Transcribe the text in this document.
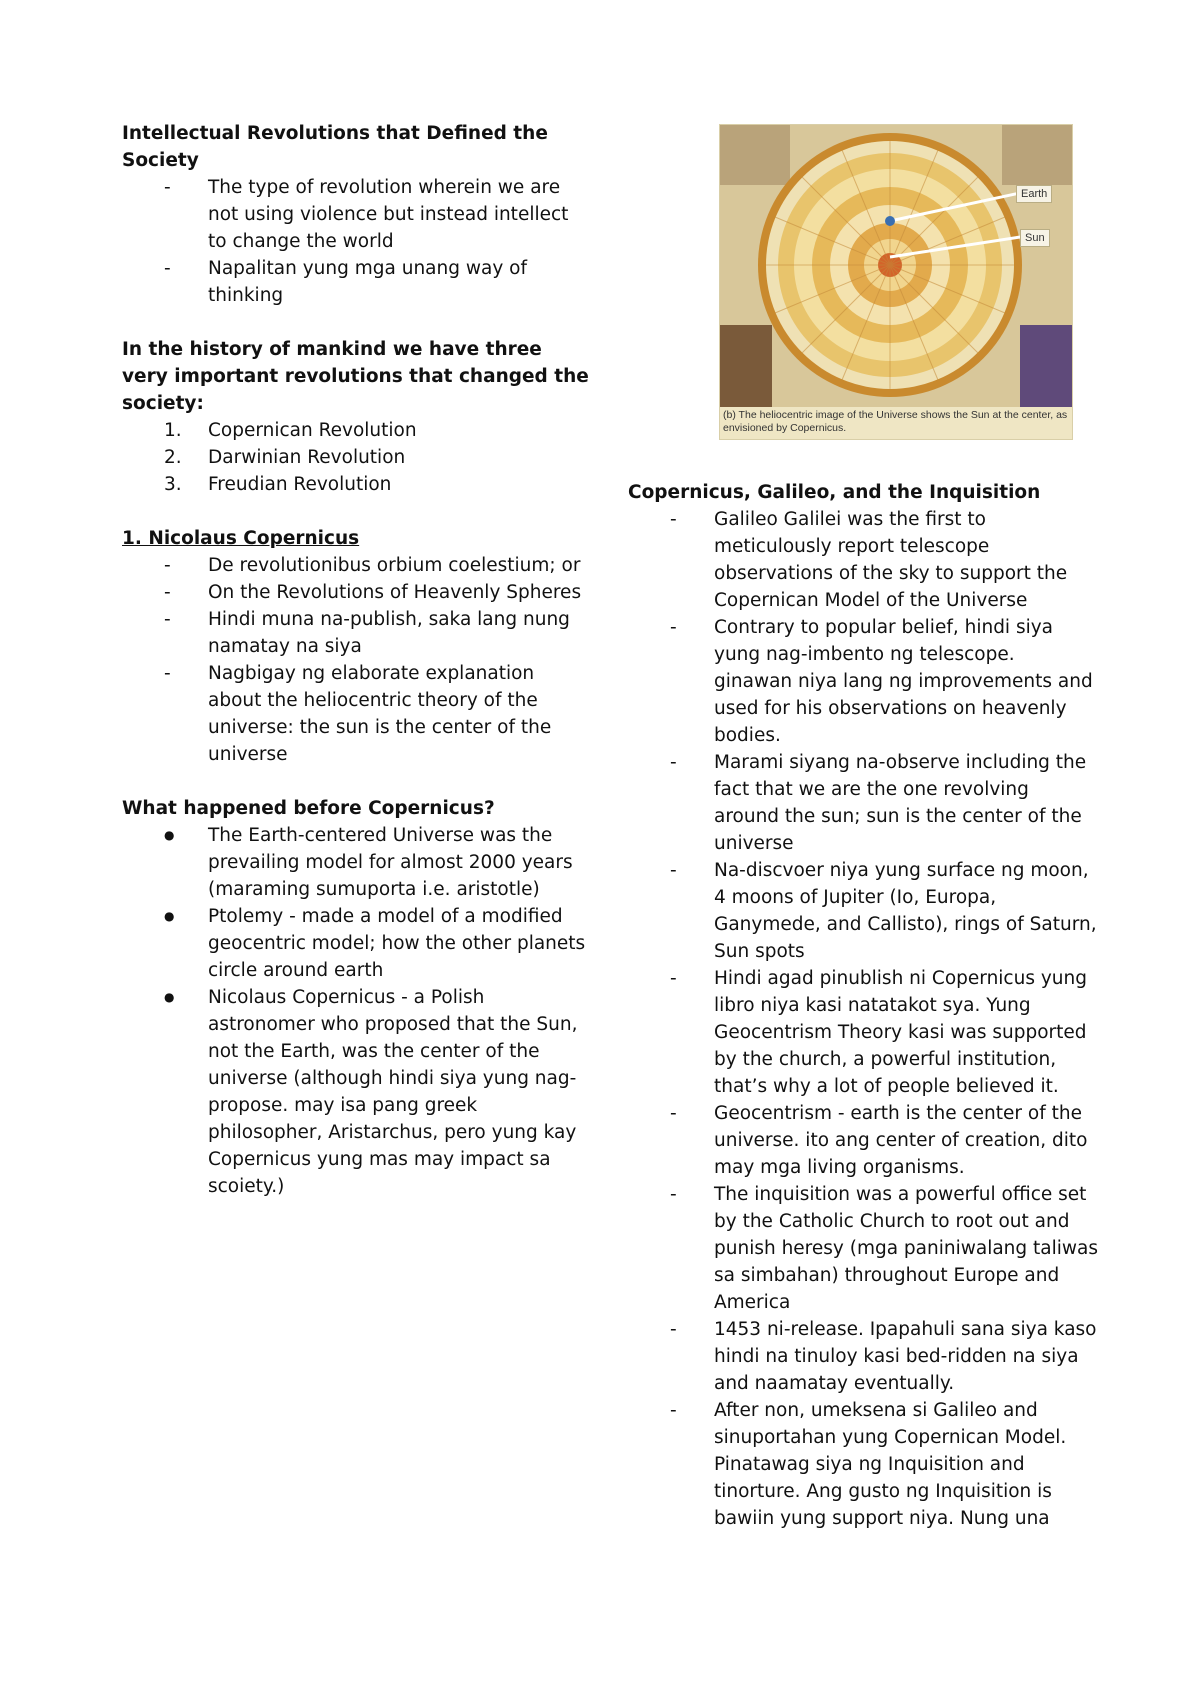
Intellectual Revolutions that Defined the Society
-	The type of revolution wherein we are not using violence but instead intellect to change the world
-	Napalitan yung mga unang way of thinking
In the history of mankind we have three very important revolutions that changed the society:
1.	Copernican Revolution
2.	Darwinian Revolution
3.	Freudian Revolution
1. Nicolaus Copernicus
-	De revolutionibus orbium coelestium; or
-	On the Revolutions of Heavenly Spheres
-	Hindi muna na-publish, saka lang nung namatay na siya
-	Nagbigay ng elaborate explanation about the heliocentric theory of the universe: the sun is the center of the universe
What happened before Copernicus?
●	The Earth-centered Universe was the prevailing model for almost 2000 years (maraming sumuporta i.e. aristotle)
●	Ptolemy - made a model of a modified geocentric model; how the other planets circle around earth
●	Nicolaus Copernicus - a Polish astronomer who proposed that the Sun, not the Earth, was the center of the universe (although hindi siya yung nag-propose. may isa pang greek philosopher, Aristarchus, pero yung kay Copernicus yung mas may impact sa scoiety.)
Earth
Sun
(b) The heliocentric image of the Universe shows the Sun at the center, as envisioned by Copernicus.
Copernicus, Galileo, and the Inquisition
-	Galileo Galilei was the first to meticulously report telescope observations of the sky to support the Copernican Model of the Universe
-	Contrary to popular belief, hindi siya yung nag-imbento ng telescope. ginawan niya lang ng improvements and used for his observations on heavenly bodies.
-	Marami siyang na-observe including the fact that we are the one revolving around the sun; sun is the center of the universe
-	Na-discvoer niya yung surface ng moon, 4 moons of Jupiter (Io, Europa, Ganymede, and Callisto), rings of Saturn, Sun spots
-	Hindi agad pinublish ni Copernicus yung libro niya kasi natatakot sya. Yung Geocentrism Theory kasi was supported by the church, a powerful institution, that’s why a lot of people believed it.
-	Geocentrism - earth is the center of the universe. ito ang center of creation, dito may mga living organisms.
-	The inquisition was a powerful office set by the Catholic Church to root out and punish heresy (mga paniniwalang taliwas sa simbahan) throughout Europe and America
-	1453 ni-release. Ipapahuli sana siya kaso hindi na tinuloy kasi bed-ridden na siya and naamatay eventually.
-	After non, umeksena si Galileo and sinuportahan yung Copernican Model. Pinatawag siya ng Inquisition and tinorture. Ang gusto ng Inquisition is bawiin yung support niya. Nung una
